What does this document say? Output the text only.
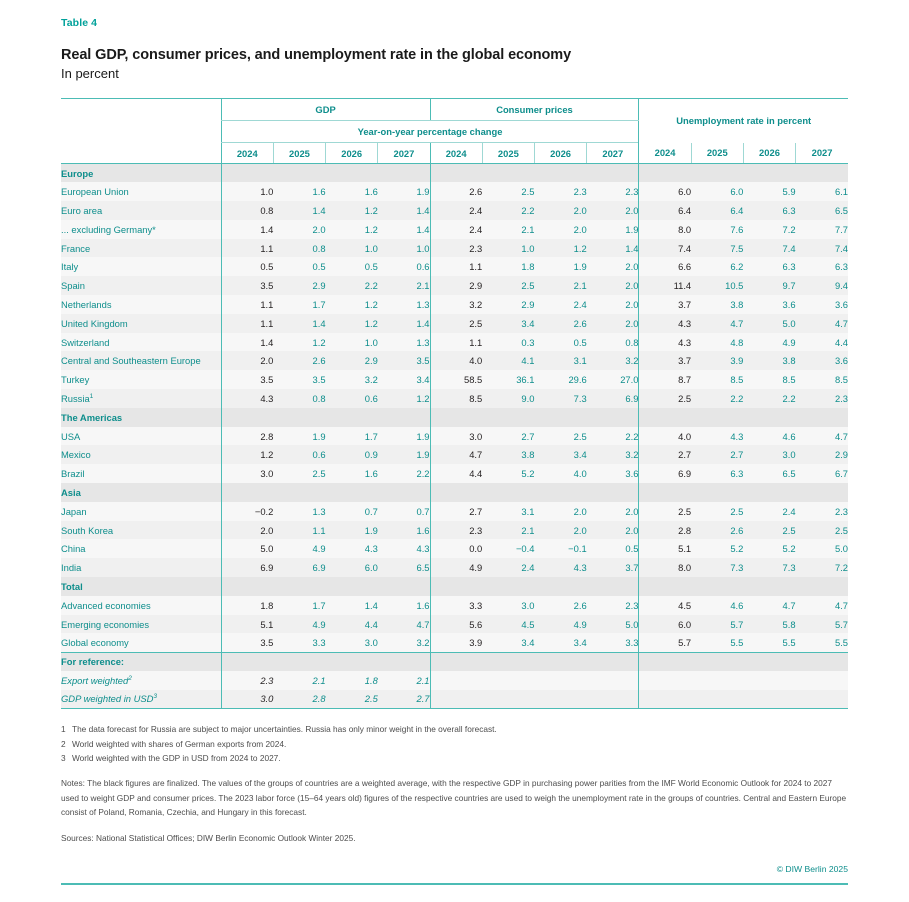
Table 4
Real GDP, consumer prices, and unemployment rate in the global economy
In percent
	GDP				Consumer prices				Unemployment rate in percent			
	Year-on-year percentage change											
	2024	2025	2026	2027	2024	2025	2026	2027	2024	2025	2026	2027
Europe												
European Union	1.0	1.6	1.6	1.9	2.6	2.5	2.3	2.3	6.0	6.0	5.9	6.1
Euro area	0.8	1.4	1.2	1.4	2.4	2.2	2.0	2.0	6.4	6.4	6.3	6.5
... excluding Germany*	1.4	2.0	1.2	1.4	2.4	2.1	2.0	1.9	8.0	7.6	7.2	7.7
France	1.1	0.8	1.0	1.0	2.3	1.0	1.2	1.4	7.4	7.5	7.4	7.4
Italy	0.5	0.5	0.5	0.6	1.1	1.8	1.9	2.0	6.6	6.2	6.3	6.3
Spain	3.5	2.9	2.2	2.1	2.9	2.5	2.1	2.0	11.4	10.5	9.7	9.4
Netherlands	1.1	1.7	1.2	1.3	3.2	2.9	2.4	2.0	3.7	3.8	3.6	3.6
United Kingdom	1.1	1.4	1.2	1.4	2.5	3.4	2.6	2.0	4.3	4.7	5.0	4.7
Switzerland	1.4	1.2	1.0	1.3	1.1	0.3	0.5	0.8	4.3	4.8	4.9	4.4
Central and Southeastern Europe	2.0	2.6	2.9	3.5	4.0	4.1	3.1	3.2	3.7	3.9	3.8	3.6
Turkey	3.5	3.5	3.2	3.4	58.5	36.1	29.6	27.0	8.7	8.5	8.5	8.5
Russia$^1$	4.3	0.8	0.6	1.2	8.5	9.0	7.3	6.9	2.5	2.2	2.2	2.3
The Americas												
USA	2.8	1.9	1.7	1.9	3.0	2.7	2.5	2.2	4.0	4.3	4.6	4.7
Mexico	1.2	0.6	0.9	1.9	4.7	3.8	3.4	3.2	2.7	2.7	3.0	2.9
Brazil	3.0	2.5	1.6	2.2	4.4	5.2	4.0	3.6	6.9	6.3	6.5	6.7
Asia												
Japan	−0.2	1.3	0.7	0.7	2.7	3.1	2.0	2.0	2.5	2.5	2.4	2.3
South Korea	2.0	1.1	1.9	1.6	2.3	2.1	2.0	2.0	2.8	2.6	2.5	2.5
China	5.0	4.9	4.3	4.3	0.0	−0.4	−0.1	0.5	5.1	5.2	5.2	5.0
India	6.9	6.9	6.0	6.5	4.9	2.4	4.3	3.7	8.0	7.3	7.3	7.2
Total												
Advanced economies	1.8	1.7	1.4	1.6	3.3	3.0	2.6	2.3	4.5	4.6	4.7	4.7
Emerging economies	5.1	4.9	4.4	4.7	5.6	4.5	4.9	5.0	6.0	5.7	5.8	5.7
Global economy	3.5	3.3	3.0	3.2	3.9	3.4	3.4	3.3	5.7	5.5	5.5	5.5
For reference:												
Export weighted$^2$	2.3	2.1	1.8	2.1								
GDP weighted in USD$^3$	3.0	2.8	2.5	2.7								
1 The data forecast for Russia are subject to major uncertainties. Russia has only minor weight in the overall forecast.
2 World weighted with shares of German exports from 2024.
3 World weighted with the GDP in USD from 2024 to 2027.
Notes: The black figures are finalized. The values of the groups of countries are a weighted average, with the respective GDP in purchasing power parities from the IMF World Economic Outlook for 2024 to 2027 used to weight GDP and consumer prices. The 2023 labor force (15–64 years old) figures of the respective countries are used to weigh the unemployment rate in the groups of countries. Central and Eastern Europe consist of Poland, Romania, Czechia, and Hungary in this forecast.
Sources: National Statistical Offices; DIW Berlin Economic Outlook Winter 2025.
© DIW Berlin 2025
